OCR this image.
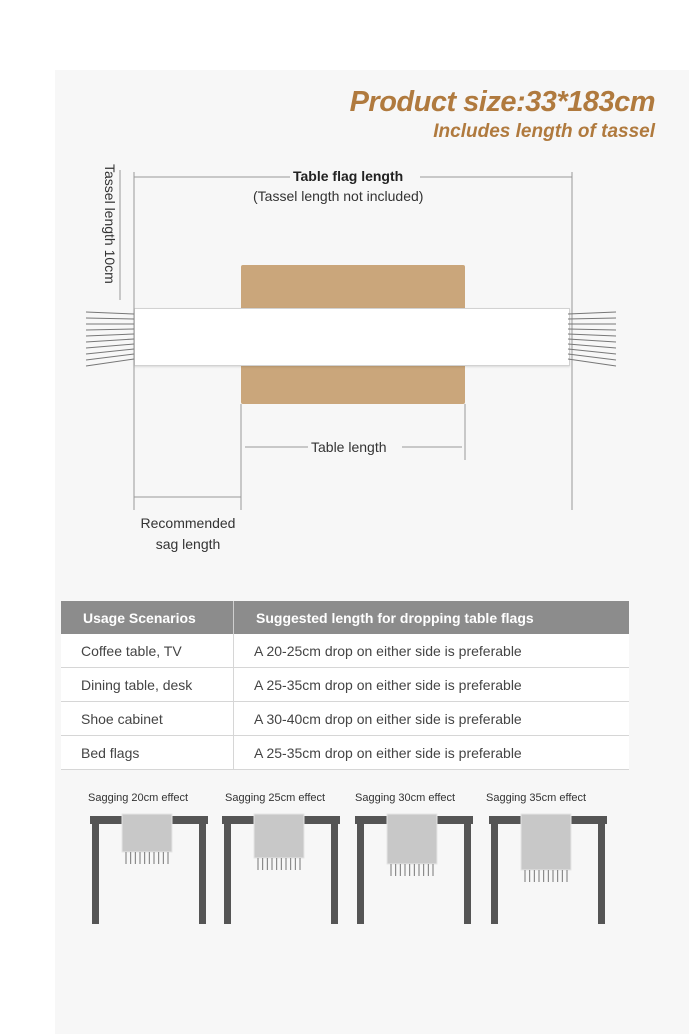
Product size:33*183cm
Includes length of tassel
Table flag length
(Tassel length not included)
Tassel length 10cm
Table length
Recommended sag length
Usage Scenarios	Suggested length for dropping table flags
Coffee table, TV	A 20-25cm drop on either side is preferable
Dining table, desk	A 25-35cm drop on either side is preferable
Shoe cabinet	A 30-40cm drop on either side is preferable
Bed flags	A 25-35cm drop on either side is preferable
Sagging 20cm effect	Sagging 25cm effect	Sagging 30cm effect	Sagging 35cm effect
